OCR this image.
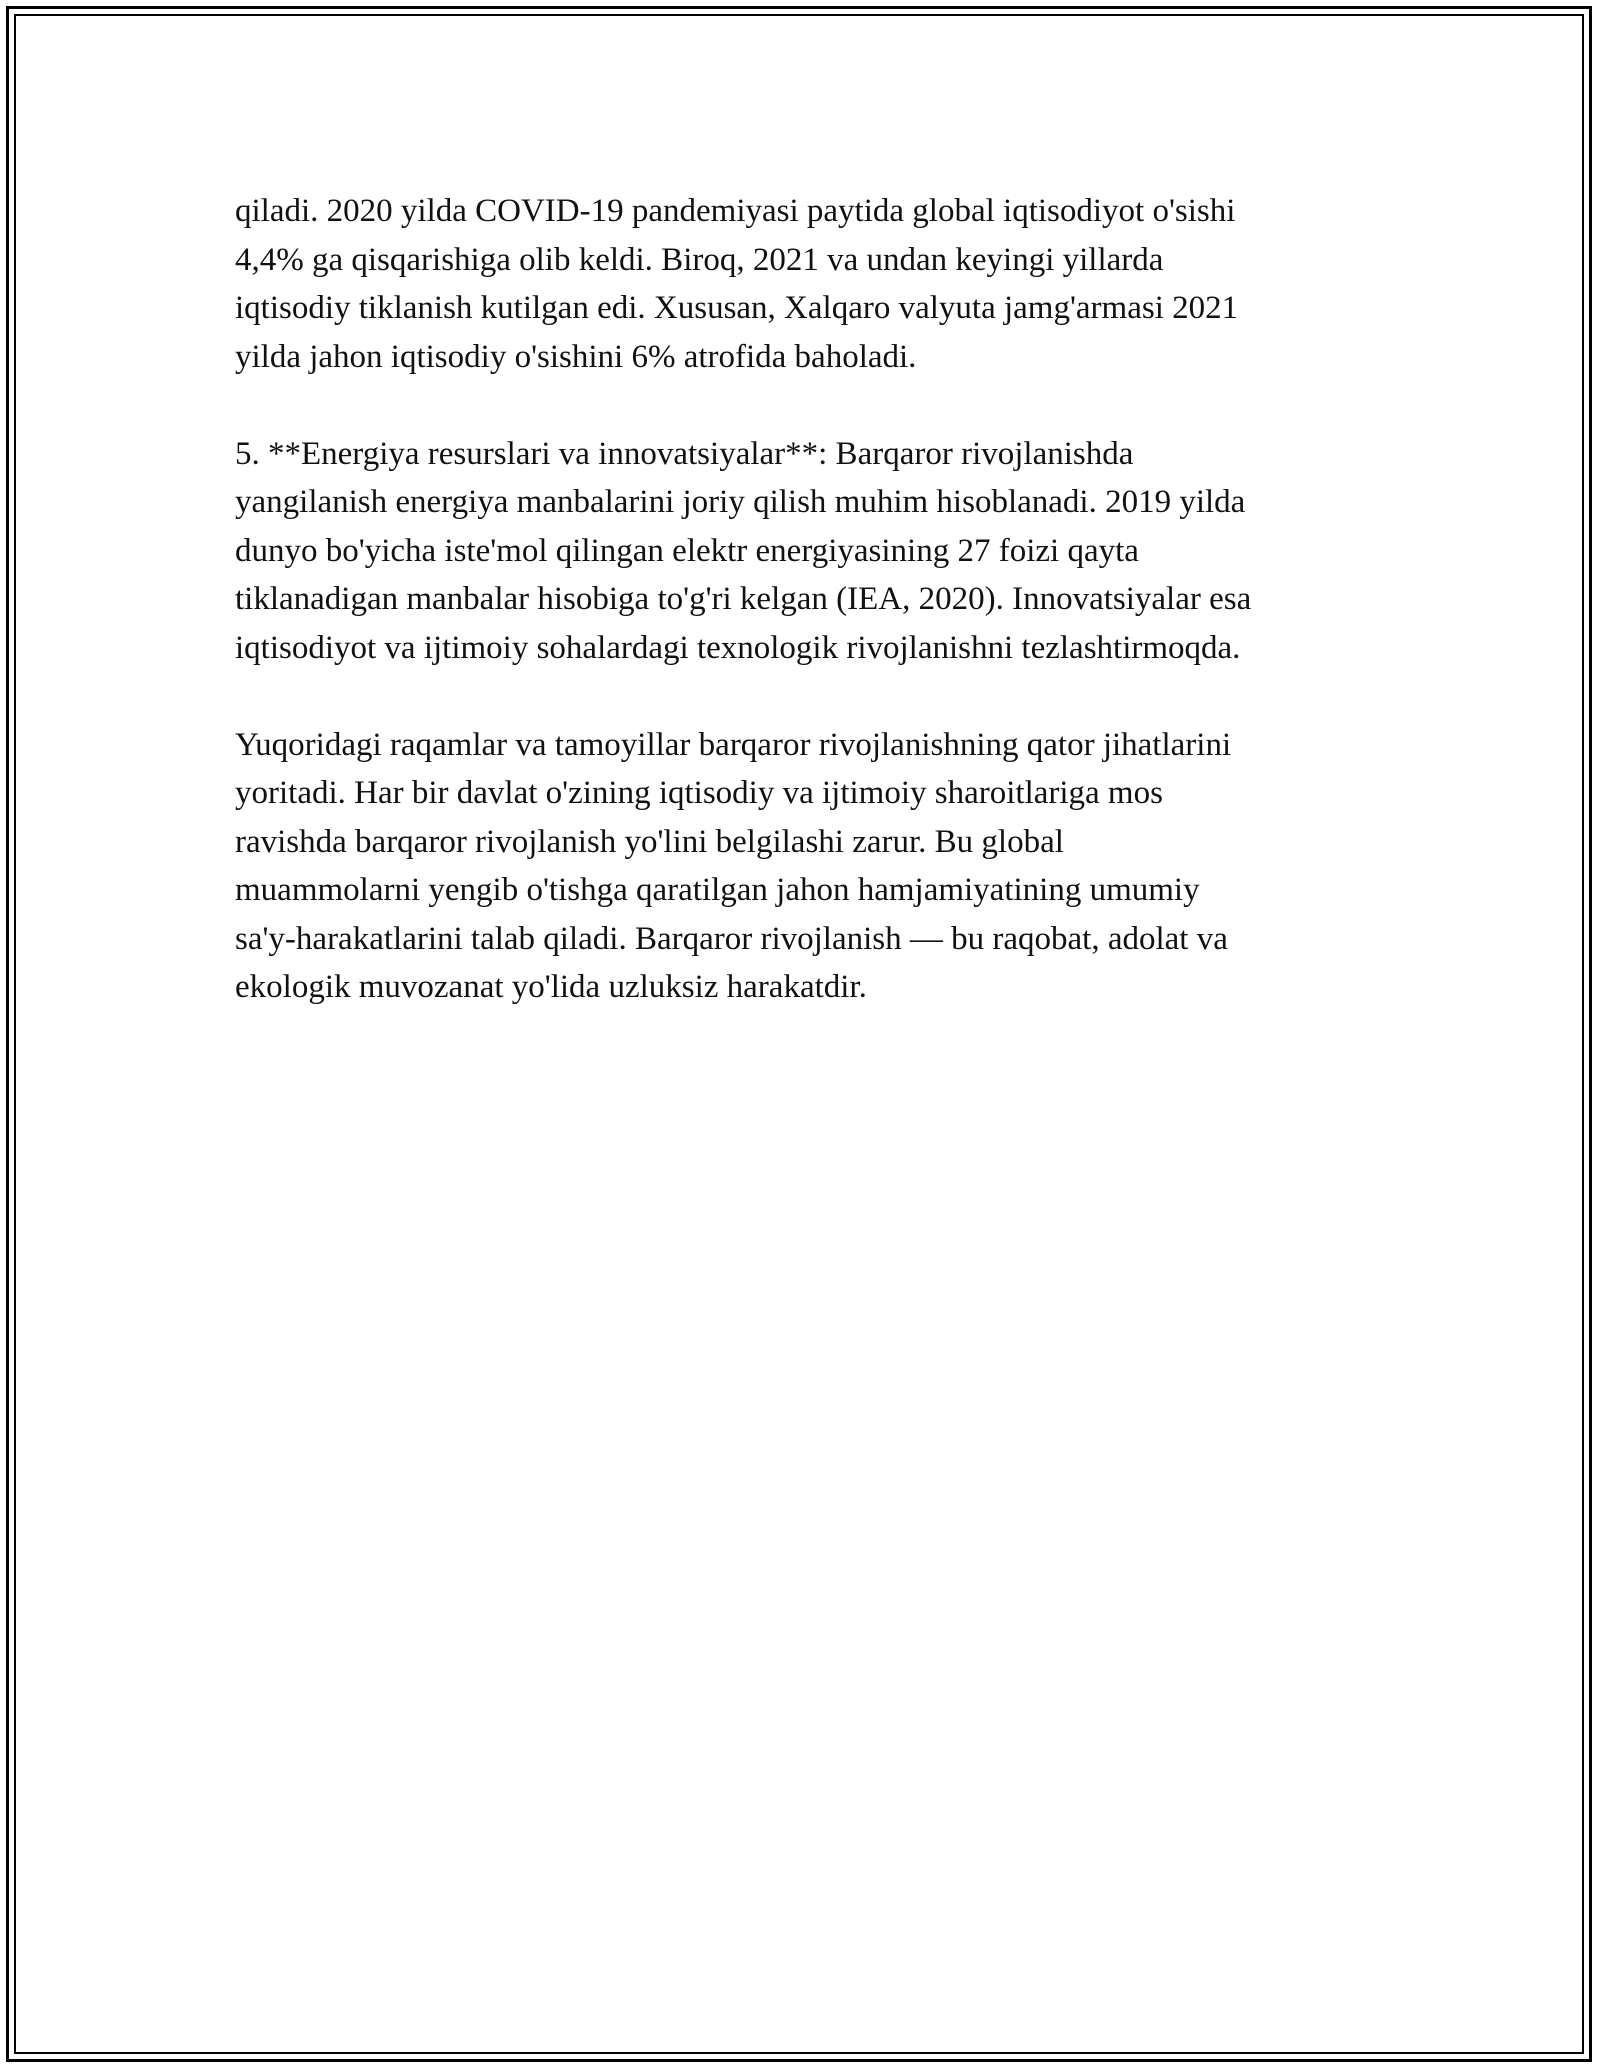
qiladi. 2020 yilda COVID-19 pandemiyasi paytida global iqtisodiyot o'sishi
4,4% ga qisqarishiga olib keldi. Biroq, 2021 va undan keyingi yillarda
iqtisodiy tiklanish kutilgan edi. Xususan, Xalqaro valyuta jamg'armasi 2021
yilda jahon iqtisodiy o'sishini 6% atrofida baholadi.

5. **Energiya resurslari va innovatsiyalar**: Barqaror rivojlanishda
yangilanish energiya manbalarini joriy qilish muhim hisoblanadi. 2019 yilda
dunyo bo'yicha iste'mol qilingan elektr energiyasining 27 foizi qayta
tiklanadigan manbalar hisobiga to'g'ri kelgan (IEA, 2020). Innovatsiyalar esa
iqtisodiyot va ijtimoiy sohalardagi texnologik rivojlanishni tezlashtirmoqda.

Yuqoridagi raqamlar va tamoyillar barqaror rivojlanishning qator jihatlarini
yoritadi. Har bir davlat o'zining iqtisodiy va ijtimoiy sharoitlariga mos
ravishda barqaror rivojlanish yo'lini belgilashi zarur. Bu global
muammolarni yengib o'tishga qaratilgan jahon hamjamiyatining umumiy
sa'y-harakatlarini talab qiladi. Barqaror rivojlanish — bu raqobat, adolat va
ekologik muvozanat yo'lida uzluksiz harakatdir.
